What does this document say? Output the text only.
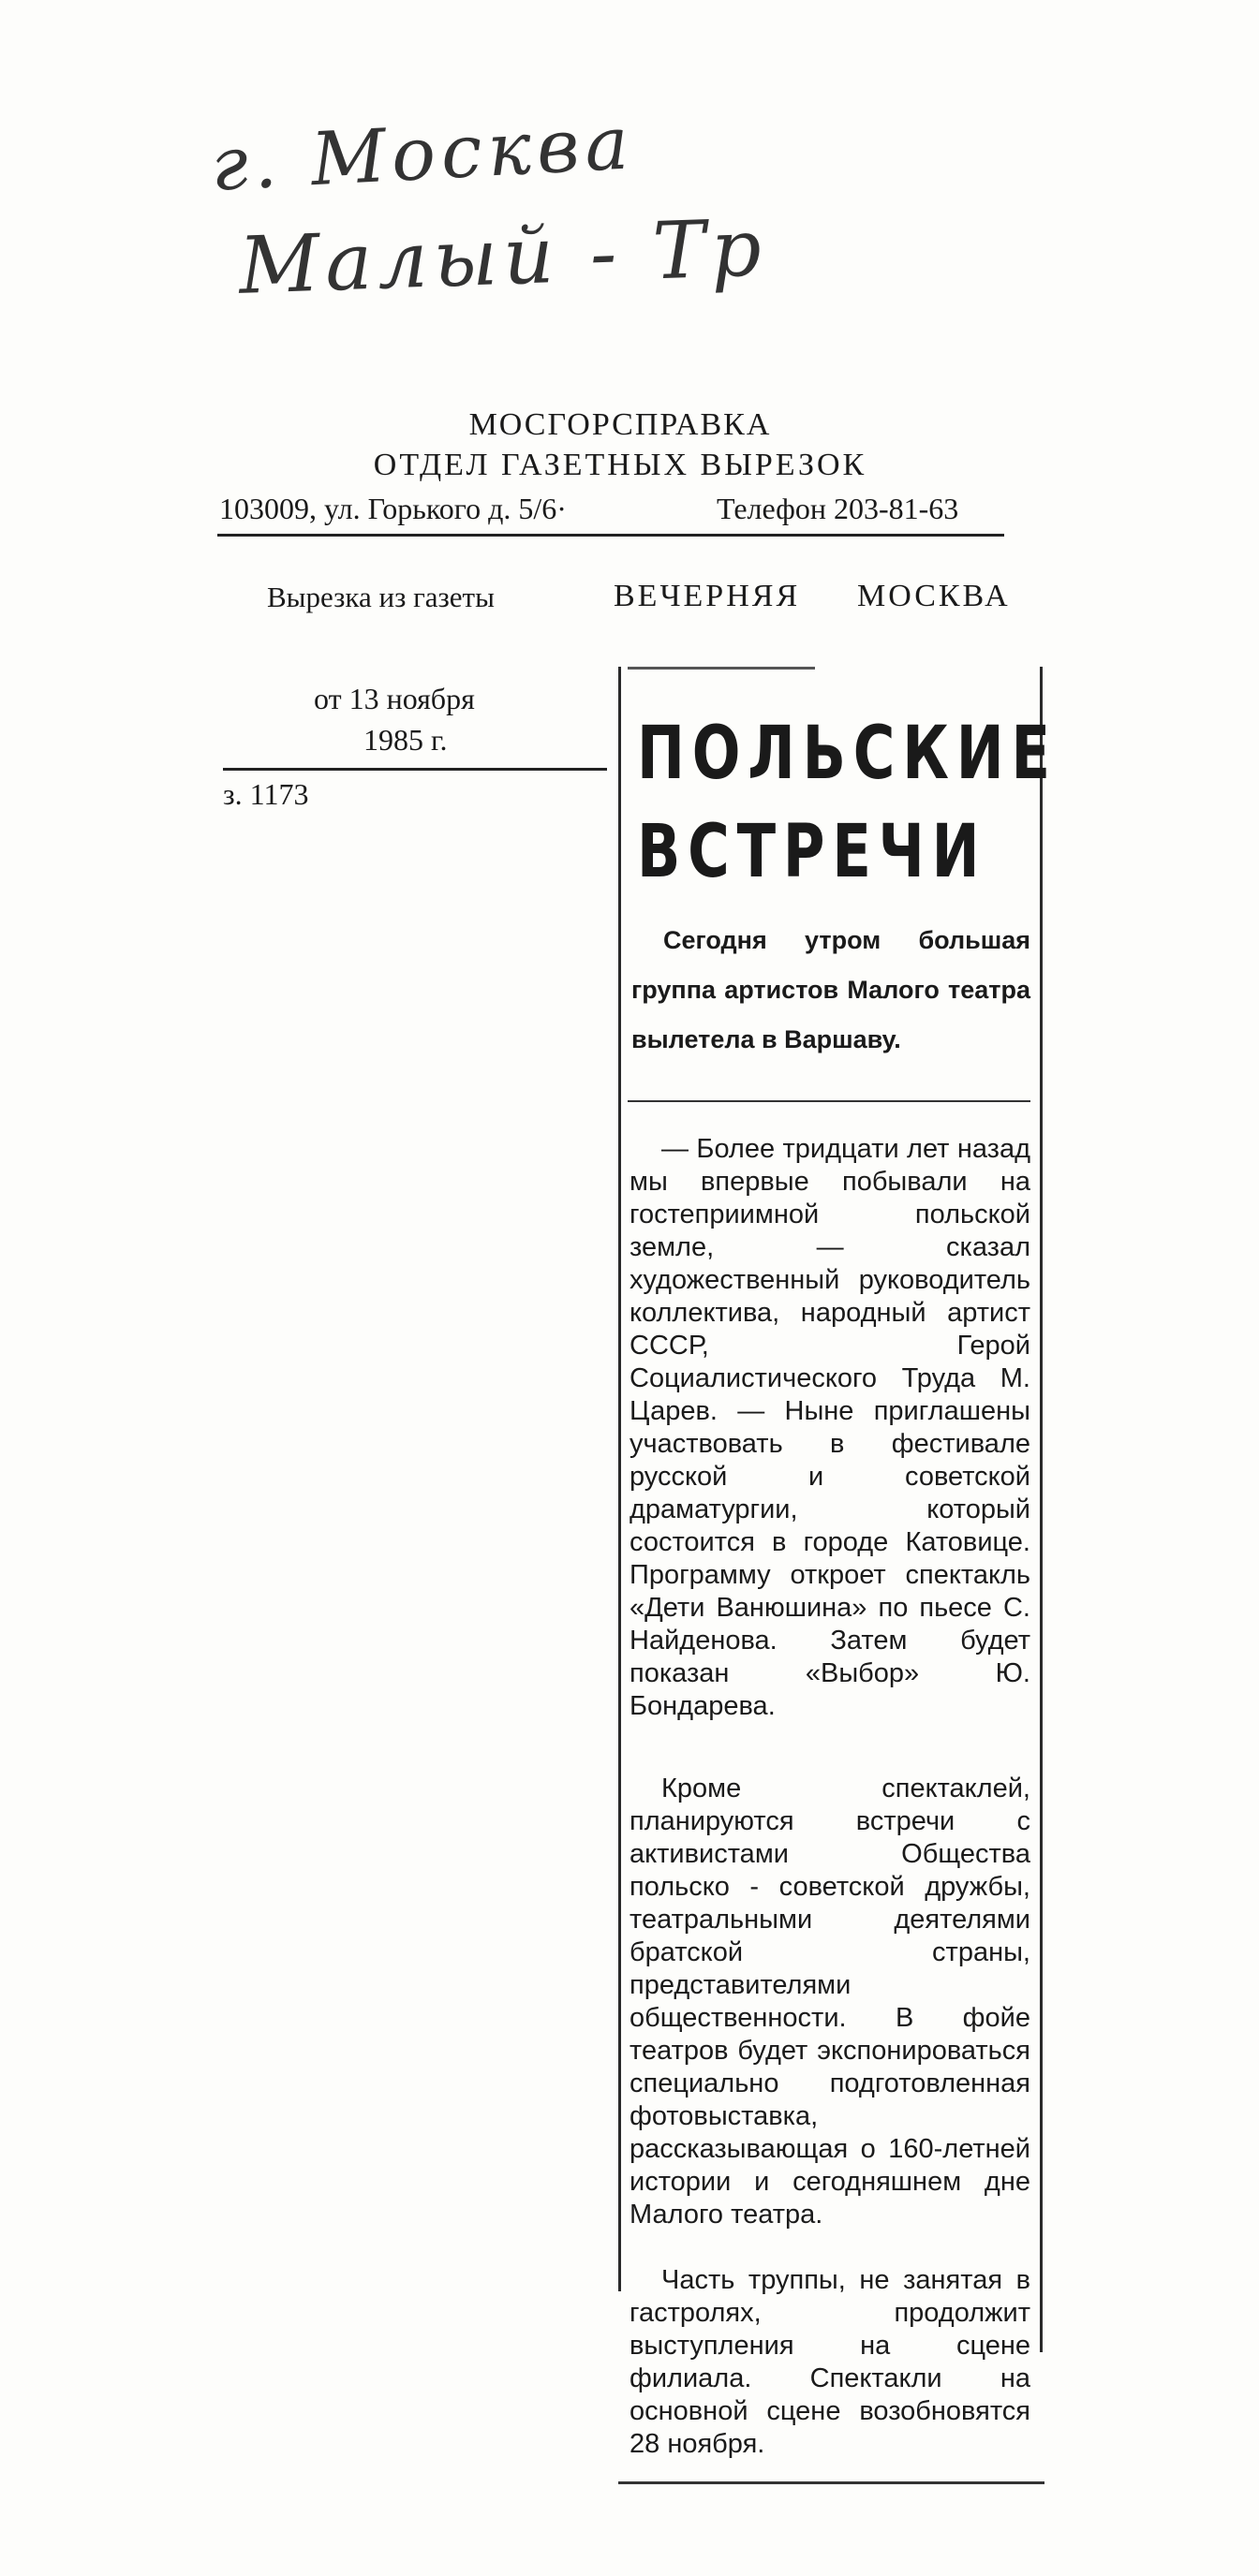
г. Москва
Малый - Тр
МОСГОРСПРАВКА
ОТДЕЛ ГАЗЕТНЫХ ВЫРЕЗОК
103009, ул. Горького д. 5/6·	Телефон 203-81-63
Вырезка из газеты	ВЕЧЕРНЯЯ МОСКВА
от 13 ноября
1985 г.
з. 1173	ПОЛЬСКИЕ
ВСТРЕЧИ
Сегодня утром большая группа артистов Малого театра вылетела в Варшаву.

— Более тридцати лет назад мы впервые побывали на гостеприимной польской земле, — сказал художественный руководитель коллектива, народный артист СССР, Герой Социалистического Труда М. Царев. — Ныне приглашены участвовать в фестивале русской и советской драматургии, который состоится в городе Катовице. Программу откроет спектакль «Дети Ванюшина» по пьесе С. Найденова. Затем будет показан «Выбор» Ю. Бондарева.

Кроме спектаклей, планируются встречи с активистами Общества польско - советской дружбы, театральными деятелями братской страны, представителями общественности. В фойе театров будет экспонироваться специально подготовленная фотовыставка, рассказывающая о 160-летней истории и сегодняшнем дне Малого театра.

Часть труппы, не занятая в гастролях, продолжит выступления на сцене филиала. Спектакли на основной сцене возобновятся 28 ноября.
